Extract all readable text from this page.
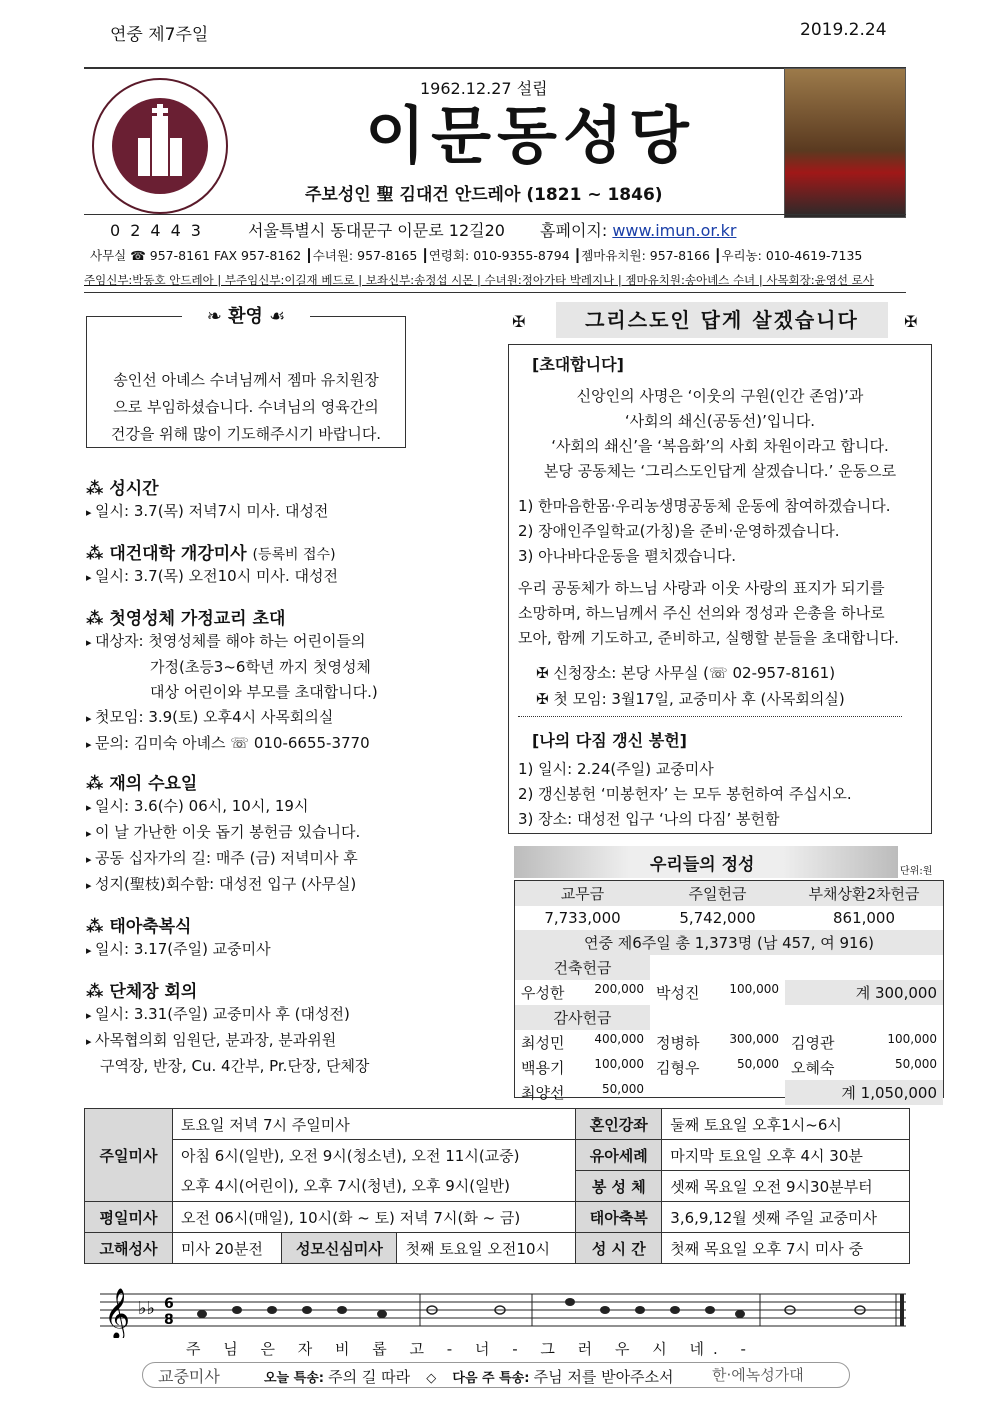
연중 제7주일	2019.2.24
1962.12.27 설립
이문동성당
주보성인 聖 김대건 안드레아 (1821 ~ 1846)
02443 서울특별시 동대문구 이문로 12길20 홈페이지: www.imun.or.kr
사무실 ☎ 957-8161 FAX 957-8162 ┃수녀원: 957-8165 ┃연령회: 010-9355-8794 ┃젬마유치원: 957-8166 ┃우리농: 010-4619-7135
주임신부:박동호 안드레아 | 부주임신부:이길재 베드로 | 보좌신부:송정섭 시몬 | 수녀원:정아가타 박레지나 | 젬마유치원:송아녜스 수녀 | 사목회장:윤영선 로사
❧ 환영 ☙
송인선 아녜스 수녀님께서 젬마 유치원장
으로 부임하셨습니다. 수녀님의 영육간의
건강을 위해 많이 기도해주시기 바랍니다.
⁂ 성시간
▸ 일시: 3.7(목) 저녁7시 미사. 대성전
⁂ 대건대학 개강미사 (등록비 접수)
▸ 일시: 3.7(목) 오전10시 미사. 대성전
⁂ 첫영성체 가정교리 초대
▸ 대상자: 첫영성체를 해야 하는 어린이들의
가정(초등3~6학년 까지 첫영성체
대상 어린이와 부모를 초대합니다.)
▸ 첫모임: 3.9(토) 오후4시 사목회의실
▸ 문의: 김미숙 아녜스 ☏ 010-6655-3770
⁂ 재의 수요일
▸ 일시: 3.6(수) 06시, 10시, 19시
▸ 이 날 가난한 이웃 돕기 봉헌금 있습니다.
▸ 공동 십자가의 길: 매주 (금) 저녁미사 후
▸ 성지(聖枝)회수함: 대성전 입구 (사무실)
⁂ 태아축복식
▸ 일시: 3.17(주일) 교중미사
⁂ 단체장 회의
▸ 일시: 3.31(주일) 교중미사 후 (대성전)
▸ 사목협의회 임원단, 분과장, 분과위원
구역장, 반장, Cu. 4간부, Pr.단장, 단체장
✠	그리스도인 답게 살겠습니다	✠
[초대합니다]
신앙인의 사명은 ‘이웃의 구원(인간 존엄)’과
‘사회의 쇄신(공동선)’입니다.
‘사회의 쇄신’을 ‘복음화’의 사회 차원이라고 합니다.
본당 공동체는 ‘그리스도인답게 살겠습니다.’ 운동으로
1) 한마음한몸·우리농생명공동체 운동에 참여하겠습니다.
2) 장애인주일학교(가칭)을 준비·운영하겠습니다.
3) 아나바다운동을 펼치겠습니다.
우리 공동체가 하느님 사랑과 이웃 사랑의 표지가 되기를
소망하며, 하느님께서 주신 선의와 정성과 은총을 하나로
모아, 함께 기도하고, 준비하고, 실행할 분들을 초대합니다.
✠ 신청장소: 본당 사무실 (☏ 02-957-8161)
✠ 첫 모임: 3월17일, 교중미사 후 (사목회의실)
[나의 다짐 갱신 봉헌]
1) 일시: 2.24(주일) 교중미사
2) 갱신봉헌 ‘미봉헌자’ 는 모두 봉헌하여 주십시오.
3) 장소: 대성전 입구 ‘나의 다짐’ 봉헌함
우리들의 정성	단위:원
교무금	주일헌금	부채상환2차헌금
7,733,000	5,742,000	861,000
연중 제6주일 총 1,373명 (남 457, 여 916)		
건축헌금		
우성한 200,000	박성진 100,000	계 300,000
감사헌금		
최성민 400,000	정병하 300,000	김영관 100,000

백용기 100,000	김형우 50,000	오혜숙 50,000

최양선 50,000		계 1,050,000
주일미사	토요일 저녁 7시 주일미사			혼인강좌	둘째 토요일 오후1시~6시
	아침 6시(일반), 오전 9시(청소년), 오전 11시(교중)			유아세례	마지막 토요일 오후 4시 30분
	오후 4시(어린이), 오후 7시(청년), 오후 9시(일반)			봉 성 체	셋째 목요일 오전 9시30분부터
평일미사	오전 06시(매일), 10시(화 ~ 토) 저녁 7시(화 ~ 금)			태아축복	3,6,9,12월 셋째 주일 교중미사
고해성사	미사 20분전	성모신심미사	첫째 토요일 오전10시	성 시 간	첫째 목요일 오후 7시 미사 중
𝄞 ♭♭ 6
8
주 님 은 자 비 롭 고 - 너 - 그 러 우 시 네. -
교중미사	오늘 특송: 주의 길 따라 ◇ 다음 주 특송: 주님 저를 받아주소서	한·에녹성가대
